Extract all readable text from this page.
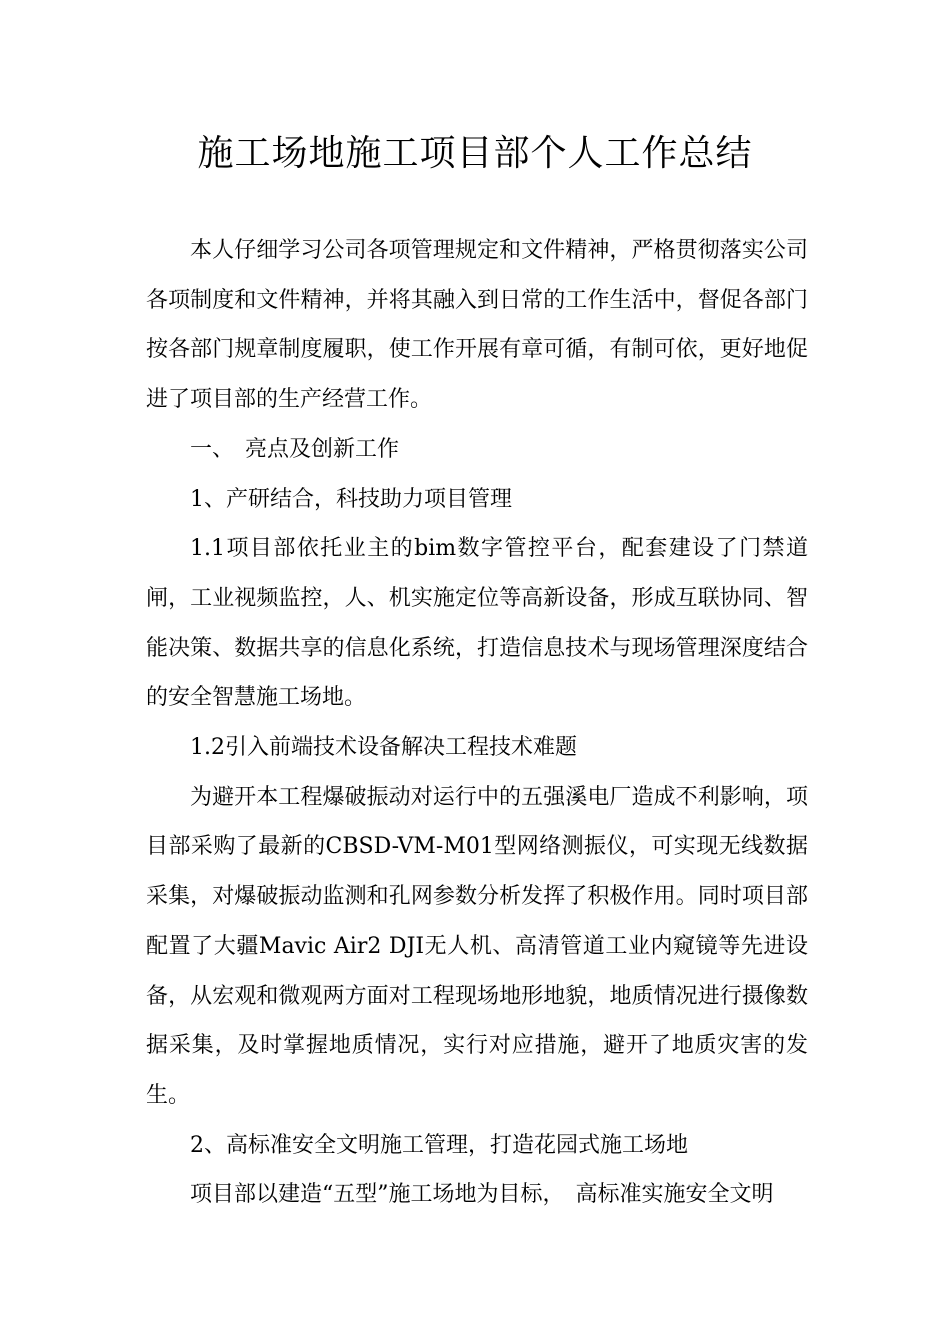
施工场地施工项目部个人工作总结

本人仔细学习公司各项管理规定和文件精神，严格贯彻落实公司各项制度和文件精神，并将其融入到日常的工作生活中，督促各部门按各部门规章制度履职，使工作开展有章可循，有制可依，更好地促进了项目部的生产经营工作。

一、　亮点及创新工作

1、产研结合，科技助力项目管理

1.1项目部依托业主的bim数字管控平台，配套建设了门禁道闸，工业视频监控，人、机实施定位等高新设备，形成互联协同、智能决策、数据共享的信息化系统，打造信息技术与现场管理深度结合的安全智慧施工场地。

1.2引入前端技术设备解决工程技术难题

为避开本工程爆破振动对运行中的五强溪电厂造成不利影响，项目部采购了最新的CBSD-VM-M01型网络测振仪，可实现无线数据采集，对爆破振动监测和孔网参数分析发挥了积极作用。同时项目部配置了大疆Mavic Air2 DJI无人机、高清管道工业内窥镜等先进设备，从宏观和微观两方面对工程现场地形地貌，地质情况进行摄像数据采集，及时掌握地质情况，实行对应措施，避开了地质灾害的发生。

2、高标准安全文明施工管理，打造花园式施工场地

项目部以建造“五型”施工场地为目标，　高标准实施安全文明
